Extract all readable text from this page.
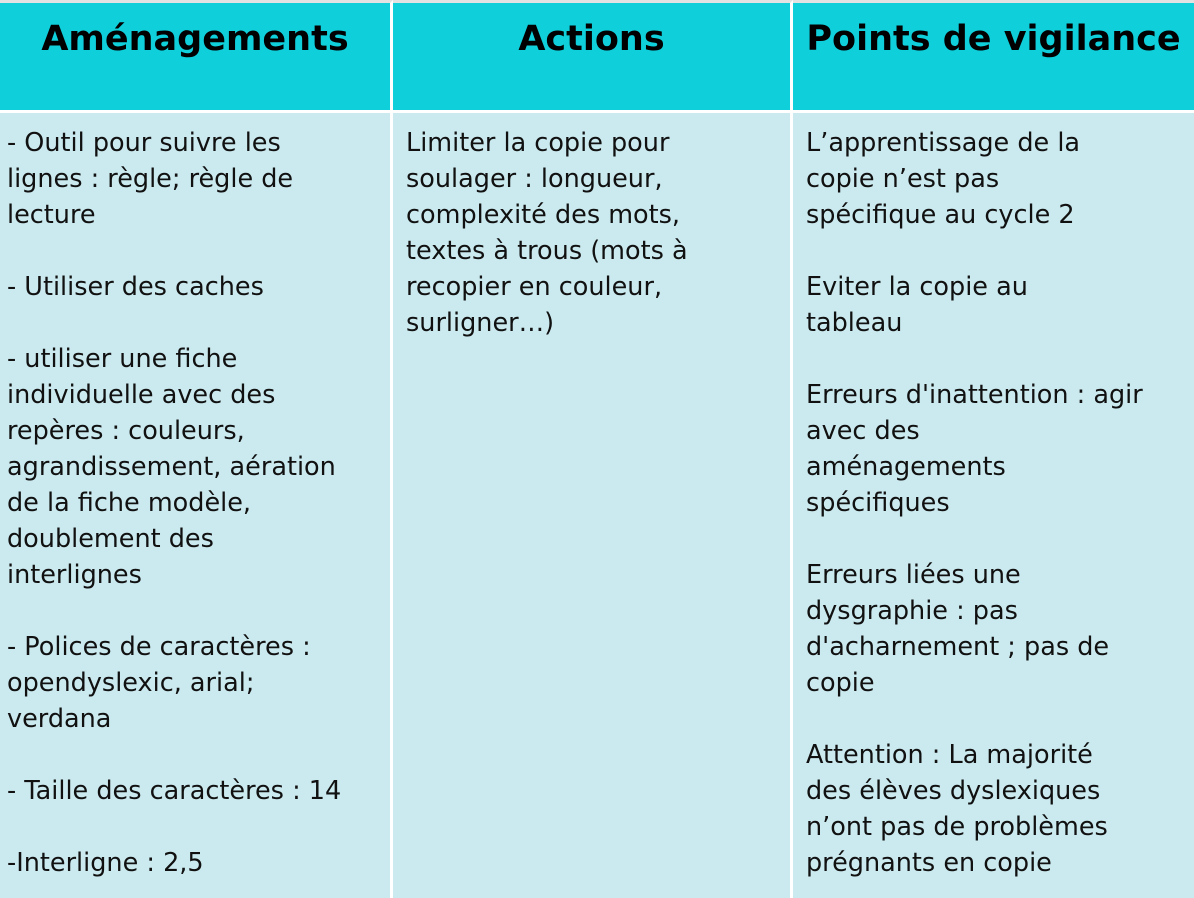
Aménagements	Actions	Points de vigilance
- Outil pour suivre les
lignes : règle; règle de
lecture
- Utiliser des caches
- utiliser une fiche
individuelle avec des
repères : couleurs,
agrandissement, aération
de la fiche modèle,
doublement des
interlignes
- Polices de caractères :
opendyslexic, arial;
verdana
- Taille des caractères : 14
-Interligne : 2,5
Limiter la copie pour
soulager : longueur,
complexité des mots,
textes à trous (mots à
recopier en couleur,
surligner…)
L’apprentissage de la
copie n’est pas
spécifique au cycle 2
Eviter la copie au
tableau
Erreurs d'inattention : agir
avec des
aménagements
spécifiques
Erreurs liées une
dysgraphie : pas
d'acharnement ; pas de
copie
Attention : La majorité
des élèves dyslexiques
n’ont pas de problèmes
prégnants en copie
